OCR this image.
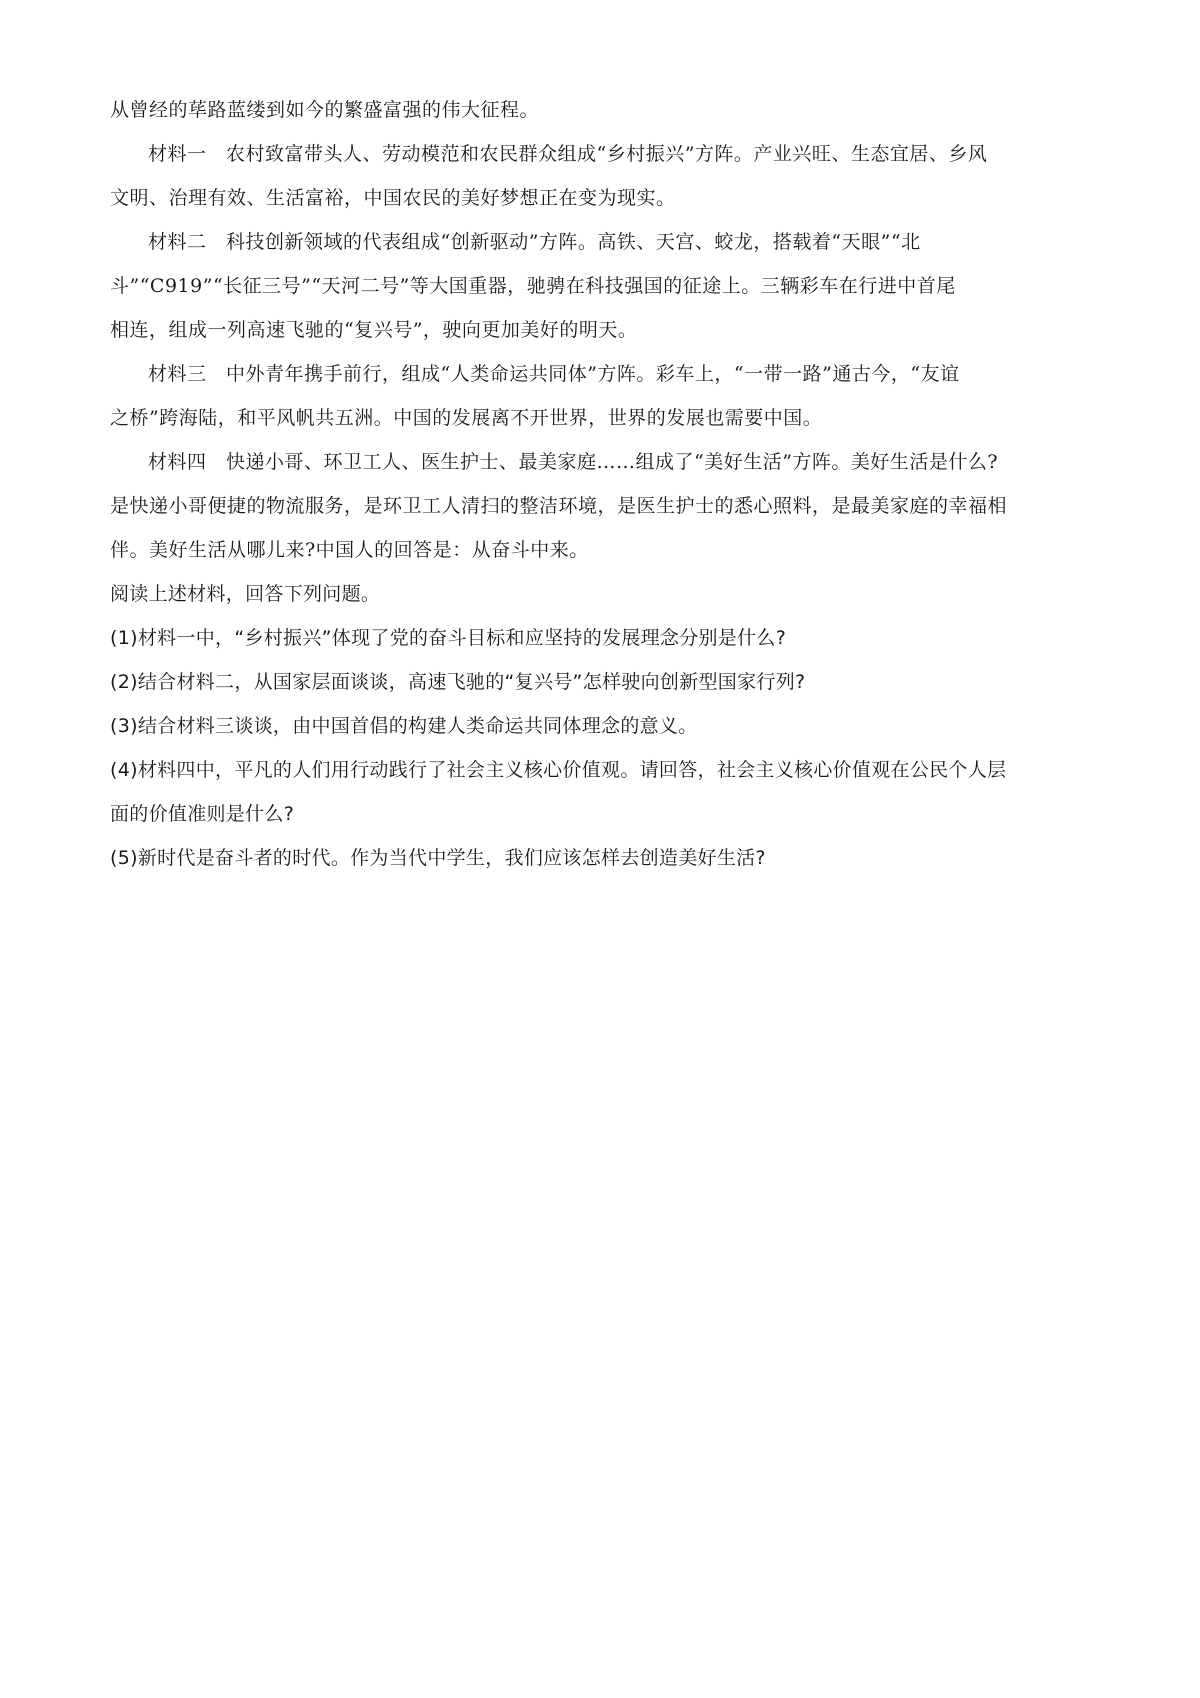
从曾经的荜路蓝缕到如今的繁盛富强的伟大征程。
材料一　农村致富带头人、劳动模范和农民群众组成“乡村振兴”方阵。产业兴旺、生态宜居、乡风
文明、治理有效、生活富裕，中国农民的美好梦想正在变为现实。
材料二　科技创新领域的代表组成“创新驱动”方阵。高铁、天宫、蛟龙，搭载着“天眼”“北
斗”“C919”“长征三号”“天河二号”等大国重器，驰骋在科技强国的征途上。三辆彩车在行进中首尾
相连，组成一列高速飞驰的“复兴号”，驶向更加美好的明天。
材料三　中外青年携手前行，组成“人类命运共同体”方阵。彩车上，“一带一路”通古今，“友谊
之桥”跨海陆，和平风帆共五洲。中国的发展离不开世界，世界的发展也需要中国。
材料四　快递小哥、环卫工人、医生护士、最美家庭……组成了“美好生活”方阵。美好生活是什么?
是快递小哥便捷的物流服务，是环卫工人清扫的整洁环境，是医生护士的悉心照料，是最美家庭的幸福相
伴。美好生活从哪儿来?中国人的回答是：从奋斗中来。
阅读上述材料，回答下列问题。
(1)材料一中，“乡村振兴”体现了党的奋斗目标和应坚持的发展理念分别是什么?
(2)结合材料二，从国家层面谈谈，高速飞驰的“复兴号”怎样驶向创新型国家行列?
(3)结合材料三谈谈，由中国首倡的构建人类命运共同体理念的意义。
(4)材料四中，平凡的人们用行动践行了社会主义核心价值观。请回答，社会主义核心价值观在公民个人层
面的价值准则是什么?
(5)新时代是奋斗者的时代。作为当代中学生，我们应该怎样去创造美好生活?
